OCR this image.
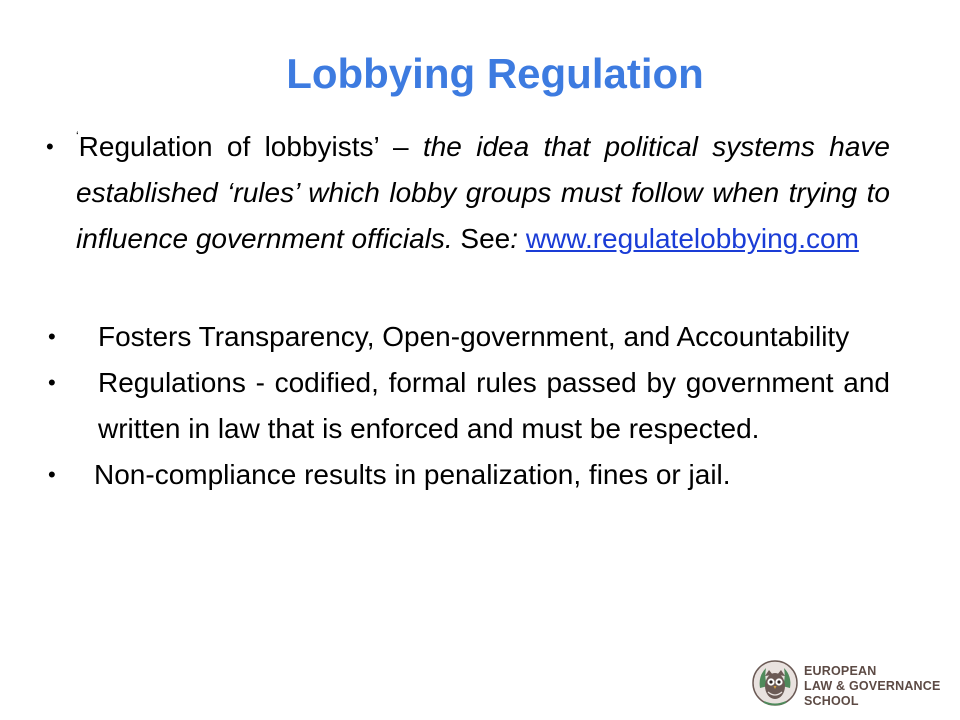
Lobbying Regulation
• ‘Regulation of lobbyists’ – the idea that political systems have established ‘rules’ which lobby groups must follow when trying to influence government officials. See: www.regulatelobbying.com
• Fosters Transparency, Open-government, and Accountability
• Regulations - codified, formal rules passed by government and written in law that is enforced and must be respected.
• Non-compliance results in penalization, fines or jail.
EUROPEAN
LAW & GOVERNANCE
SCHOOL
